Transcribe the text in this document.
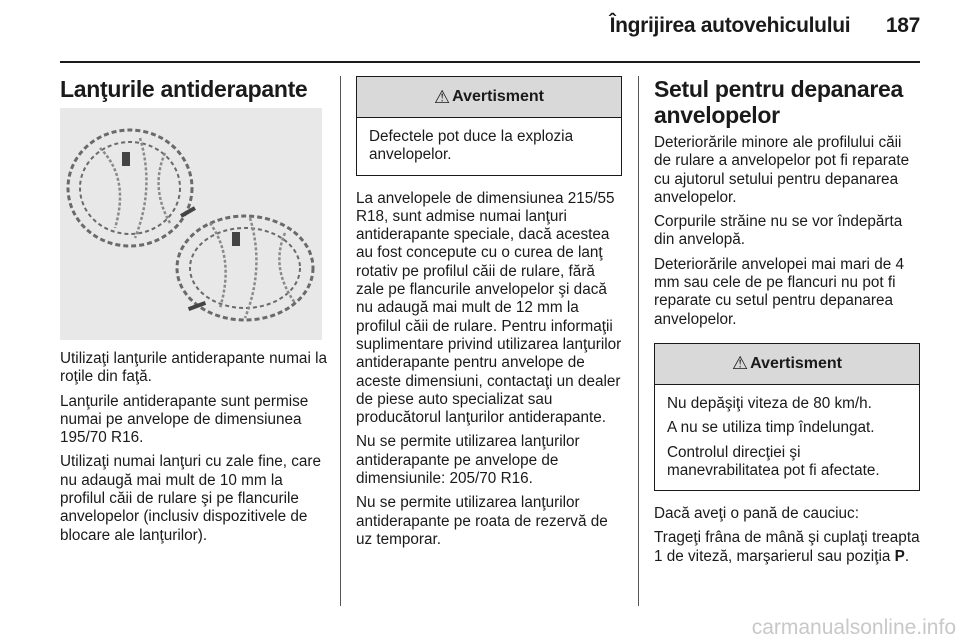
Îngrijirea autovehiculului 187
Lanţurile antiderapante

Utilizaţi lanţurile antiderapante numai la roţile din faţă.

Lanţurile antiderapante sunt permise numai pe anvelope de dimensiunea 195/70 R16.

Utilizaţi numai lanţuri cu zale fine, care nu adaugă mai mult de 10 mm la profilul căii de rulare şi pe flancurile anvelopelor (inclusiv dispozitivele de blocare ale lanţurilor).

⚠ Avertisment

Defectele pot duce la explozia anvelopelor.

La anvelopele de dimensiunea 215/55 R18, sunt admise numai lanţuri antiderapante speciale, dacă acestea au fost concepute cu o curea de lanţ rotativ pe profilul căii de rulare, fără zale pe flancurile anvelopelor şi dacă nu adaugă mai mult de 12 mm la profilul căii de rulare. Pentru informaţii suplimentare privind utilizarea lanţurilor antiderapante pentru anvelope de aceste dimensiuni, contactaţi un dealer de piese auto specializat sau producătorul lanţurilor antiderapante.

Nu se permite utilizarea lanţurilor antiderapante pe anvelope de dimensiunile: 205/70 R16.

Nu se permite utilizarea lanţurilor antiderapante pe roata de rezervă de uz temporar.

Setul pentru depanarea anvelopelor

Deteriorările minore ale profilului căii de rulare a anvelopelor pot fi reparate cu ajutorul setului pentru depanarea anvelopelor.

Corpurile străine nu se vor îndepărta din anvelopă.

Deteriorările anvelopei mai mari de 4 mm sau cele de pe flancuri nu pot fi reparate cu setul pentru depanarea anvelopelor.

⚠ Avertisment

Nu depăşiţi viteza de 80 km/h.

A nu se utiliza timp îndelungat.

Controlul direcţiei şi manevrabilitatea pot fi afectate.

Dacă aveţi o pană de cauciuc:

Trageţi frâna de mână şi cuplaţi treapta 1 de viteză, marşarierul sau poziţia P.

carmanualsonline.info
